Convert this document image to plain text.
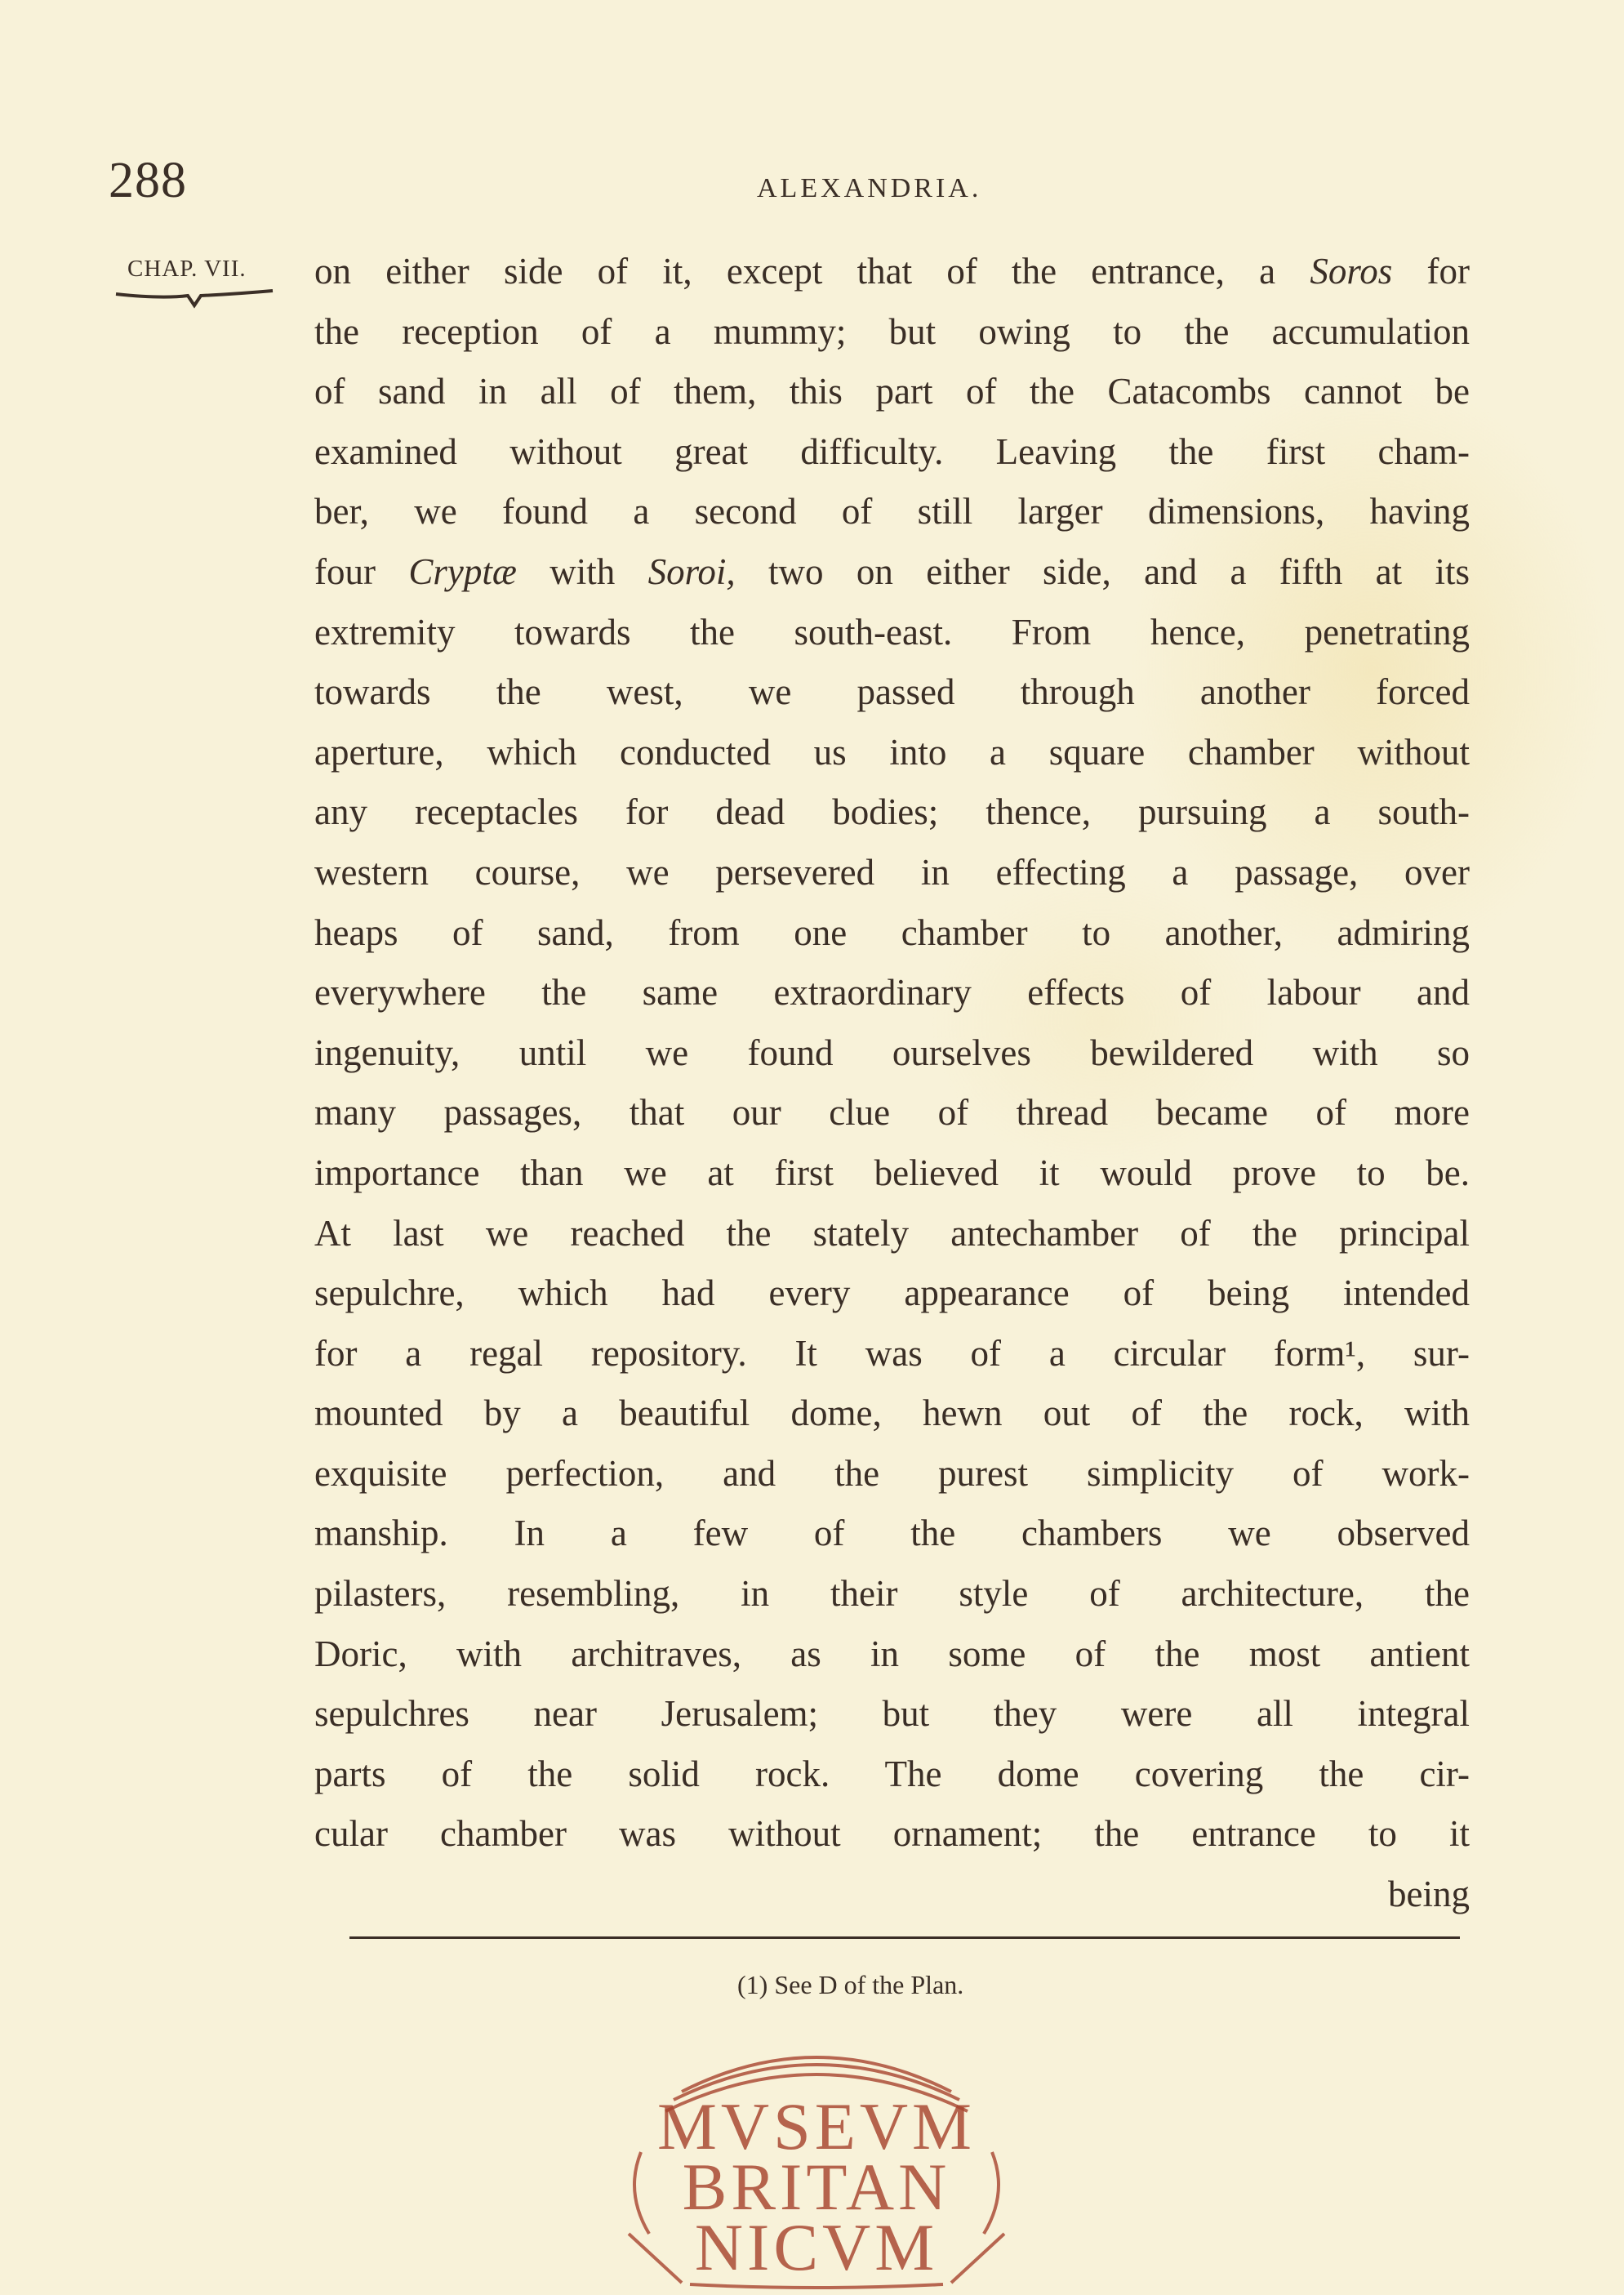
288	ALEXANDRIA.
CHAP. VII. on either side of it, except that of the entrance, a Soros for
the reception of a mummy; but owing to the accumulation
of sand in all of them, this part of the Catacombs cannot be
examined without great difficulty. Leaving the first cham-
ber, we found a second of still larger dimensions, having
four Cryptæ with Soroi, two on either side, and a fifth at its
extremity towards the south-east. From hence, penetrating
towards the west, we passed through another forced
aperture, which conducted us into a square chamber without
any receptacles for dead bodies; thence, pursuing a south-
western course, we persevered in effecting a passage, over
heaps of sand, from one chamber to another, admiring
everywhere the same extraordinary effects of labour and
ingenuity, until we found ourselves bewildered with so
many passages, that our clue of thread became of more
importance than we at first believed it would prove to be.
At last we reached the stately antechamber of the principal
sepulchre, which had every appearance of being intended
for a regal repository. It was of a circular form¹, sur-
mounted by a beautiful dome, hewn out of the rock, with
exquisite perfection, and the purest simplicity of work-
manship. In a few of the chambers we observed
pilasters, resembling, in their style of architecture, the
Doric, with architraves, as in some of the most antient
sepulchres near Jerusalem; but they were all integral
parts of the solid rock. The dome covering the cir-
cular chamber was without ornament; the entrance to it
being
(1) See D of the Plan.
MVSEVM
BRITAN
NICVM
